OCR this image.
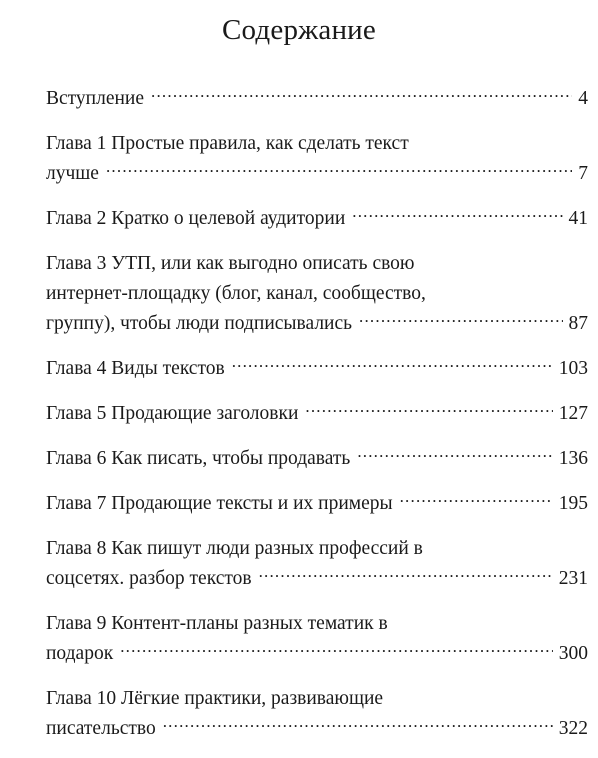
Содержание
Вступление .....	4
Глава 1 Простые правила, как сделать текст
лучше .....	7
Глава 2 Кратко о целевой аудитории .....	41
Глава 3 УТП, или как выгодно описать свою
интернет-площадку (блог, канал, сообщество,
группу), чтобы люди подписывались .....	87
Глава 4 Виды текстов .....	103
Глава 5 Продающие заголовки .....	127
Глава 6 Как писать, чтобы продавать .....	136
Глава 7 Продающие тексты и их примеры .....	195
Глава 8 Как пишут люди разных профессий в
соцсетях. разбор текстов .....	231
Глава 9 Контент-планы разных тематик в
подарок .....	300
Глава 10 Лёгкие практики, развивающие
писательство .....	322
